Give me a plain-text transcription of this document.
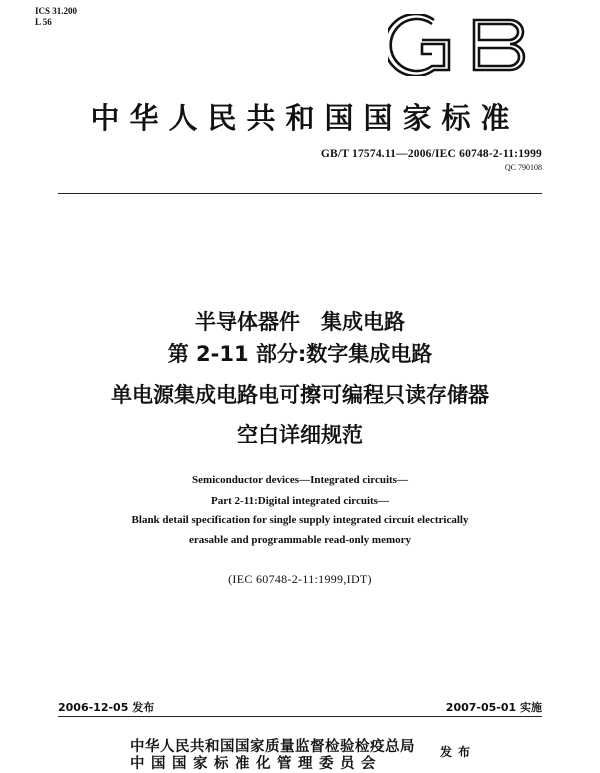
ICS 31.200
L 56
GB
中华人民共和国国家标准
GB/T 17574.11—2006/IEC 60748-2-11:1999
QC 790108
半导体器件　集成电路
第 2-11 部分:数字集成电路
单电源集成电路电可擦可编程只读存储器
空白详细规范
Semiconductor devices—Integrated circuits—
Part 2-11:Digital integrated circuits—
Blank detail specification for single supply integrated circuit electrically
erasable and programmable read-only memory
(IEC 60748-2-11:1999,IDT)
2006-12-05 发布	2007-05-01 实施
中华人民共和国国家质量监督检验检疫总局
中国国家标准化管理委员会
发布
